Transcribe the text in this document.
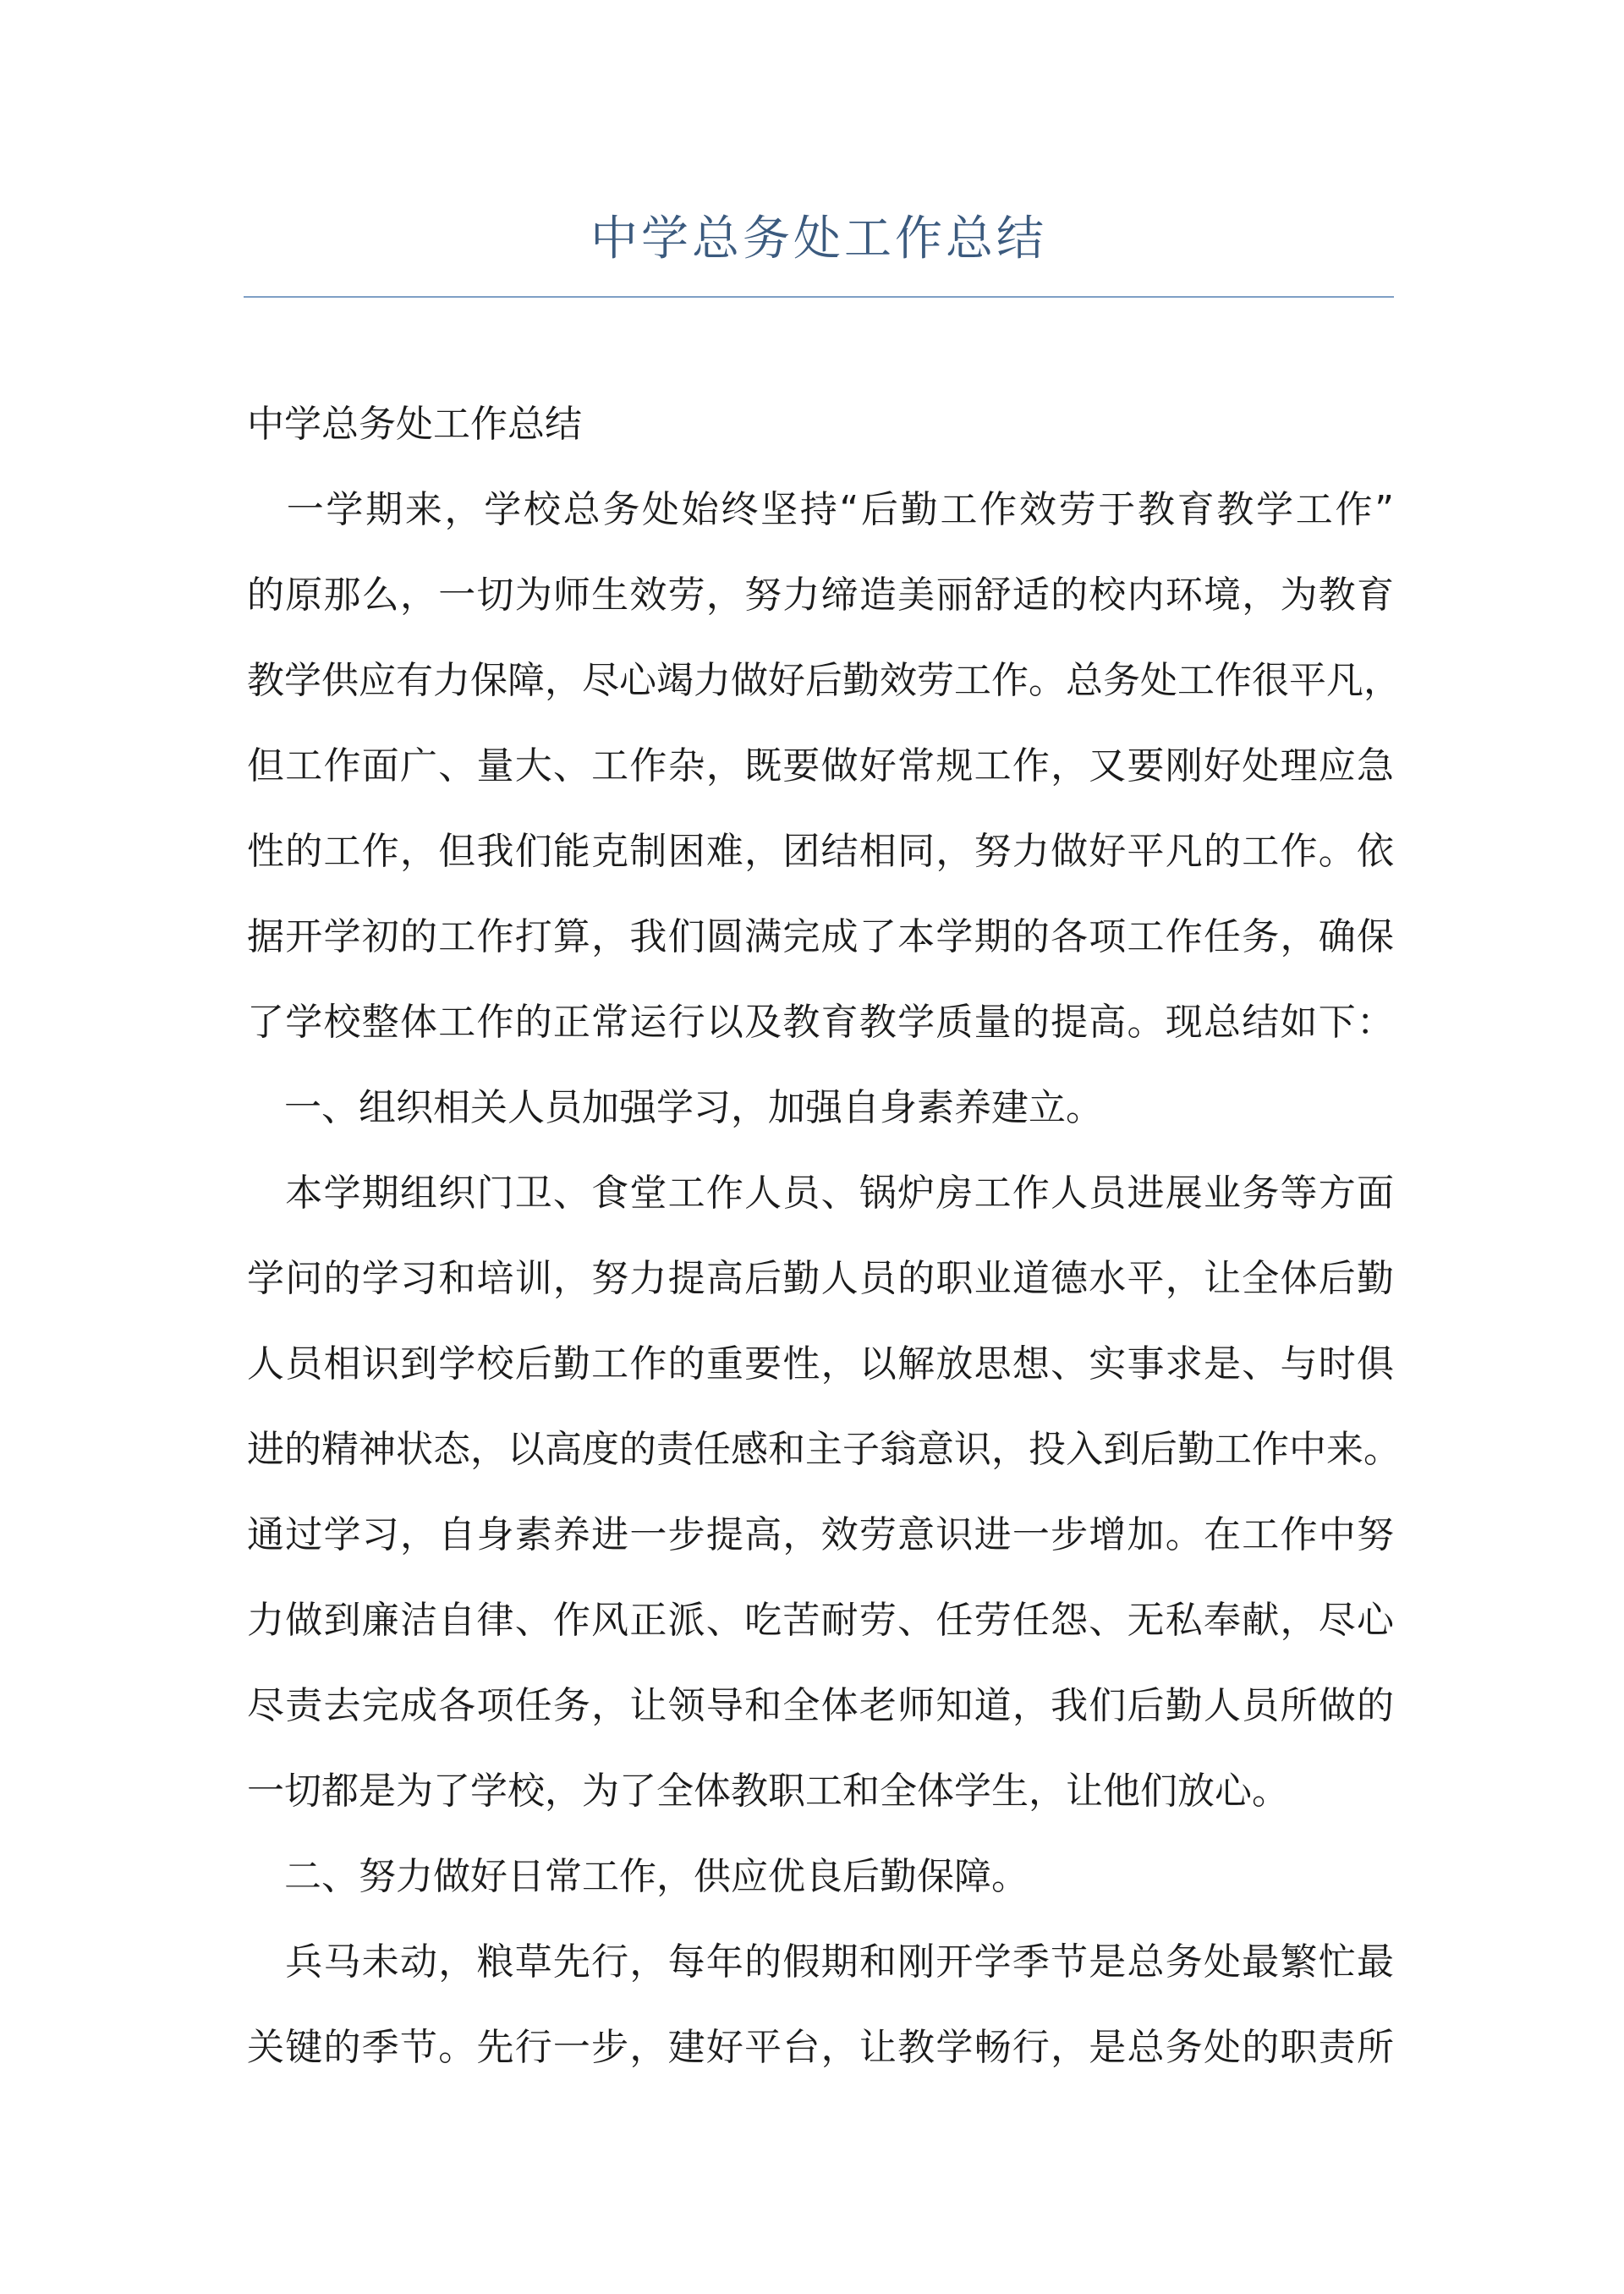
中学总务处工作总结
中学总务处工作总结
　一学期来，学校总务处始终坚持“后勤工作效劳于教育教学工作”
的原那么，一切为师生效劳，努力缔造美丽舒适的校内环境，为教育
教学供应有力保障，尽心竭力做好后勤效劳工作。总务处工作很平凡，
但工作面广、量大、工作杂，既要做好常规工作，又要刚好处理应急
性的工作，但我们能克制困难，团结相同，努力做好平凡的工作。依
据开学初的工作打算，我们圆满完成了本学期的各项工作任务，确保
了学校整体工作的正常运行以及教育教学质量的提高。现总结如下：
　一、组织相关人员加强学习，加强自身素养建立。
　本学期组织门卫、食堂工作人员、锅炉房工作人员进展业务等方面
学问的学习和培训，努力提高后勤人员的职业道德水平，让全体后勤
人员相识到学校后勤工作的重要性，以解放思想、实事求是、与时俱
进的精神状态，以高度的责任感和主子翁意识，投入到后勤工作中来。
通过学习，自身素养进一步提高，效劳意识进一步增加。在工作中努
力做到廉洁自律、作风正派、吃苦耐劳、任劳任怨、无私奉献，尽心
尽责去完成各项任务，让领导和全体老师知道，我们后勤人员所做的
一切都是为了学校，为了全体教职工和全体学生，让他们放心。
　二、努力做好日常工作，供应优良后勤保障。
　兵马未动，粮草先行，每年的假期和刚开学季节是总务处最繁忙最
关键的季节。先行一步，建好平台，让教学畅行，是总务处的职责所
